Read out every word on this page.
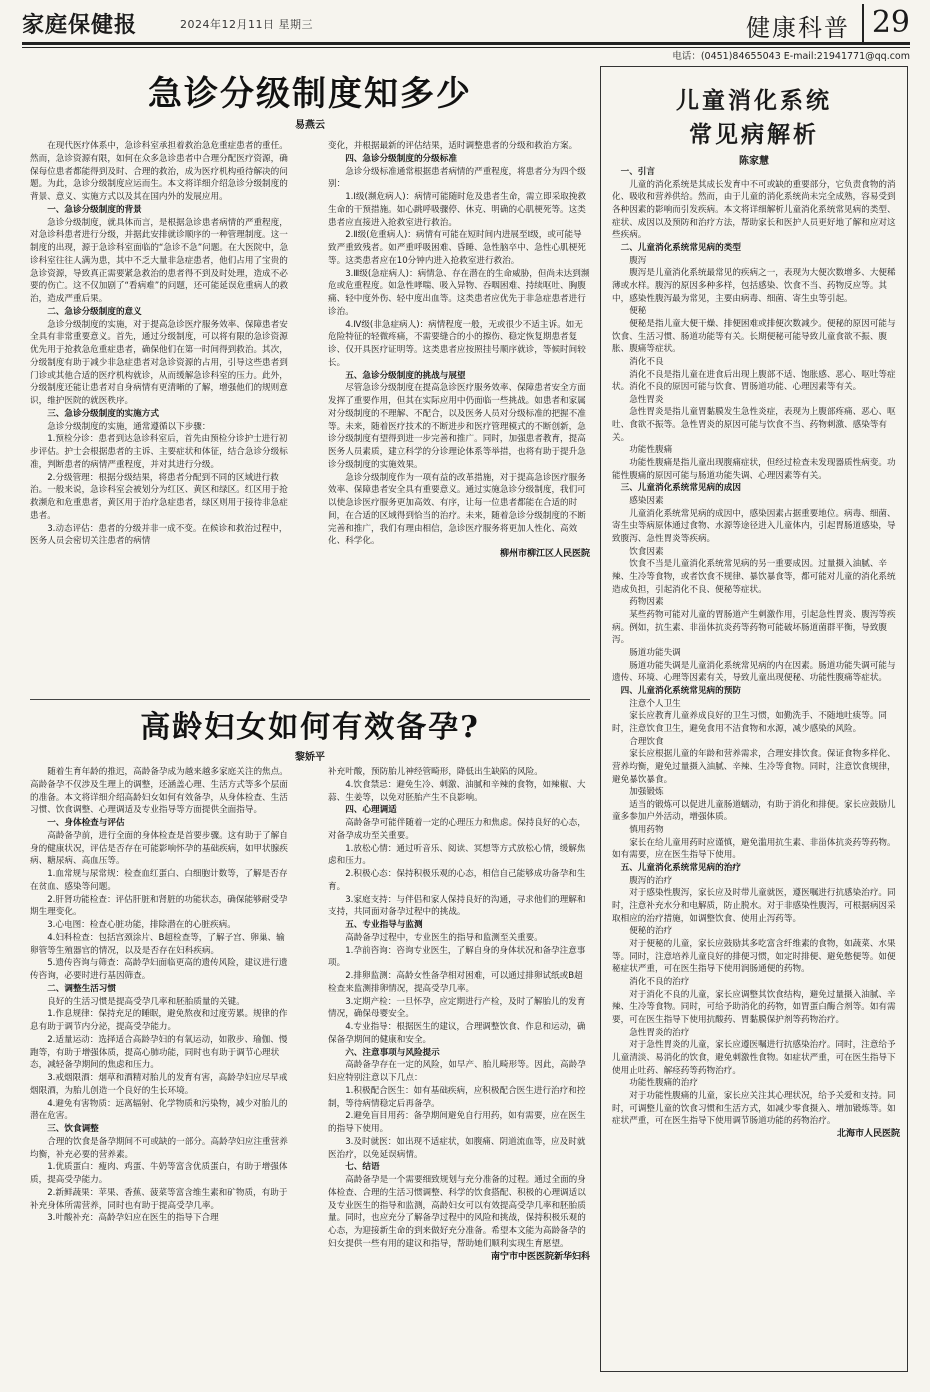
家庭保健报	2024年12月11日 星期三	健康科普 29
电话：(0451)84655043 E-mail:21941771@qq.com
急诊分级制度知多少
易燕云

在现代医疗体系中，急诊科室承担着救治急危重症患者的重任。然而，急诊资源有限，如何在众多急诊患者中合理分配医疗资源，确保每位患者都能得到及时、合理的救治，成为医疗机构亟待解决的问题。为此，急诊分级制度应运而生。本文将详细介绍急诊分级制度的背景、意义、实施方式以及其在国内外的发展应用。

一、急诊分级制度的背景

急诊分级制度，就具体而言，是根据急诊患者病情的严重程度，对急诊科患者进行分级，并据此安排就诊顺序的一种管理制度。这一制度的出现，源于急诊科室面临的“急诊不急”问题。在大医院中，急诊科室往往人满为患，其中不乏大量非急症患者，他们占用了宝贵的急诊资源，导致真正需要紧急救治的患者得不到及时处理，造成不必要的伤亡。这不仅加剧了“看病难”的问题，还可能延误危重病人的救治，造成严重后果。

二、急诊分级制度的意义

急诊分级制度的实施，对于提高急诊医疗服务效率、保障患者安全具有非常重要意义。首先，通过分级制度，可以将有限的急诊资源优先用于抢救急危重症患者，确保他们在第一时间得到救治。其次，分级制度有助于减少非急症患者对急诊资源的占用，引导这些患者到门诊或其他合适的医疗机构就诊，从而缓解急诊科室的压力。此外，分级制度还能让患者对自身病情有更清晰的了解，增强他们的规则意识，维护医院的就医秩序。

三、急诊分级制度的实施方式

急诊分级制度的实施，通常遵循以下步骤：

1.预检分诊：患者到达急诊科室后，首先由预检分诊护士进行初步评估。护士会根据患者的主诉、主要症状和体征，结合急诊分级标准，判断患者的病情严重程度，并对其进行分级。

2.分级管理：根据分级结果，将患者分配到不同的区域进行救治。一般来说，急诊科室会被划分为红区、黄区和绿区。红区用于抢救濒危和危重患者，黄区用于治疗急症患者，绿区则用于接待非急症患者。

3.动态评估：患者的分级并非一成不变。在候诊和救治过程中，医务人员会密切关注患者的病情

变化，并根据最新的评估结果，适时调整患者的分级和救治方案。

四、急诊分级制度的分级标准

急诊分级标准通常根据患者病情的严重程度，将患者分为四个级别：

1.Ⅰ级(濒危病人)：病情可能随时危及患者生命，需立即采取挽救生命的干预措施。如心跳呼吸骤停、休克、明确的心肌梗死等。这类患者应直接进入抢救室进行救治。

2.Ⅱ级(危重病人)：病情有可能在短时间内进展至Ⅰ级，或可能导致严重致残者。如严重呼吸困难、昏睡、急性脑卒中、急性心肌梗死等。这类患者应在10分钟内进入抢救室进行救治。

3.Ⅲ级(急症病人)：病情急、存在潜在的生命威胁，但尚未达到濒危或危重程度。如急性哮喘、吸入异物、吞咽困难、持续呕吐、胸腹痛、轻中度外伤、轻中度出血等。这类患者应优先于非急症患者进行诊治。

4.Ⅳ级(非急症病人)：病情程度一般，无或很少不适主诉。如无危险特征的轻微疼痛，不需要缝合的小的擦伤、稳定恢复期患者复诊、仅开具医疗证明等。这类患者应按照挂号顺序就诊，等候时间较长。

五、急诊分级制度的挑战与展望

尽管急诊分级制度在提高急诊医疗服务效率、保障患者安全方面发挥了重要作用，但其在实际应用中仍面临一些挑战。如患者和家属对分级制度的不理解、不配合，以及医务人员对分级标准的把握不准等。未来，随着医疗技术的不断进步和医疗管理模式的不断创新，急诊分级制度有望得到进一步完善和推广。同时，加强患者教育，提高医务人员素质，建立科学的分诊理论体系等举措，也将有助于提升急诊分级制度的实施效果。

急诊分级制度作为一项有益的改革措施，对于提高急诊医疗服务效率、保障患者安全具有重要意义。通过实施急诊分级制度，我们可以使急诊医疗服务更加高效、有序，让每一位患者都能在合适的时间，在合适的区域得到恰当的治疗。未来，随着急诊分级制度的不断完善和推广，我们有理由相信，急诊医疗服务将更加人性化、高效化、科学化。

柳州市柳江区人民医院
高龄妇女如何有效备孕?
黎娇平

随着生育年龄的推迟，高龄备孕成为越来越多家庭关注的焦点。高龄备孕不仅涉及生理上的调整，还涵盖心理、生活方式等多个层面的准备。本文将详细介绍高龄妇女如何有效备孕，从身体检查、生活习惯、饮食调整、心理调适及专业指导等方面提供全面指导。

一、身体检查与评估

高龄备孕前，进行全面的身体检查是首要步骤。这有助于了解自身的健康状况，评估是否存在可能影响怀孕的基础疾病，如甲状腺疾病、糖尿病、高血压等。

1.血常规与尿常规：检查血红蛋白、白细胞计数等，了解是否存在贫血、感染等问题。

2.肝肾功能检查：评估肝脏和肾脏的功能状态，确保能够耐受孕期生理变化。

3.心电图：检查心脏功能，排除潜在的心脏疾病。

4.妇科检查：包括宫颈涂片、B超检查等，了解子宫、卵巢、输卵管等生殖器官的情况，以及是否存在妇科疾病。

5.遗传咨询与筛查：高龄孕妇面临更高的遗传风险，建议进行遗传咨询，必要时进行基因筛查。

二、调整生活习惯

良好的生活习惯是提高受孕几率和胚胎质量的关键。

1.作息规律：保持充足的睡眠，避免熬夜和过度劳累。规律的作息有助于调节内分泌，提高受孕能力。

2.适量运动：选择适合高龄孕妇的有氧运动，如散步、瑜伽、慢跑等，有助于增强体质，提高心肺功能，同时也有助于调节心理状态，减轻备孕期间的焦虑和压力。

3.戒烟限酒：烟草和酒精对胎儿的发育有害，高龄孕妇应尽早戒烟限酒，为胎儿创造一个良好的生长环境。

4.避免有害物质：远离辐射、化学物质和污染物，减少对胎儿的潜在危害。

三、饮食调整

合理的饮食是备孕期间不可或缺的一部分。高龄孕妇应注重营养均衡，补充必要的营养素。

1.优质蛋白：瘦肉、鸡蛋、牛奶等富含优质蛋白，有助于增强体质，提高受孕能力。

2.新鲜蔬果：苹果、香蕉、菠菜等富含维生素和矿物质，有助于补充身体所需营养，同时也有助于提高受孕几率。

3.叶酸补充：高龄孕妇应在医生的指导下合理

补充叶酸，预防胎儿神经管畸形，降低出生缺陷的风险。

4.饮食禁忌：避免生冷、刺激、油腻和辛辣的食物，如辣椒、大蒜、生姜等，以免对胚胎产生不良影响。

四、心理调适

高龄备孕可能伴随着一定的心理压力和焦虑。保持良好的心态，对备孕成功至关重要。

1.放松心情：通过听音乐、阅读、冥想等方式放松心情，缓解焦虑和压力。

2.积极心态：保持积极乐观的心态，相信自己能够成功备孕和生育。

3.家庭支持：与伴侣和家人保持良好的沟通，寻求他们的理解和支持，共同面对备孕过程中的挑战。

五、专业指导与监测

高龄备孕过程中，专业医生的指导和监测至关重要。

1.孕前咨询：咨询专业医生，了解自身的身体状况和备孕注意事项。

2.排卵监测：高龄女性备孕相对困难，可以通过排卵试纸或B超检查来监测排卵情况，提高受孕几率。

3.定期产检：一旦怀孕，应定期进行产检，及时了解胎儿的发育情况，确保母婴安全。

4.专业指导：根据医生的建议，合理调整饮食、作息和运动，确保备孕期间的健康和安全。

六、注意事项与风险提示

高龄备孕存在一定的风险，如早产、胎儿畸形等。因此，高龄孕妇应特别注意以下几点：

1.积极配合医生：如有基础疾病，应积极配合医生进行治疗和控制，等待病情稳定后再备孕。

2.避免盲目用药：备孕期间避免自行用药，如有需要，应在医生的指导下使用。

3.及时就医：如出现不适症状，如腹痛、阴道流血等，应及时就医治疗，以免延误病情。

七、结语

高龄备孕是一个需要细致规划与充分准备的过程。通过全面的身体检查、合理的生活习惯调整、科学的饮食搭配、积极的心理调适以及专业医生的指导和监测，高龄妇女可以有效提高受孕几率和胚胎质量。同时，也应充分了解备孕过程中的风险和挑战，保持积极乐观的心态，为迎接新生命的到来做好充分准备。希望本文能为高龄备孕的妇女提供一些有用的建议和指导，帮助她们顺利实现生育愿望。

南宁市中医医院新华妇科
儿童消化系统
常见病解析
陈家慧
一、引言

儿童的消化系统是其成长发育中不可或缺的重要部分，它负责食物的消化、吸收和营养供给。然而，由于儿童的消化系统尚未完全成熟，容易受到各种因素的影响而引发疾病。本文将详细解析儿童消化系统常见病的类型、症状、成因以及预防和治疗方法，帮助家长和医护人员更好地了解和应对这些疾病。

二、儿童消化系统常见病的类型
腹泻

腹泻是儿童消化系统最常见的疾病之一，表现为大便次数增多、大便稀薄或水样。腹泻的原因多种多样，包括感染、饮食不当、药物反应等。其中，感染性腹泻最为常见，主要由病毒、细菌、寄生虫等引起。

便秘

便秘是指儿童大便干燥、排便困难或排便次数减少。便秘的原因可能与饮食、生活习惯、肠道功能等有关。长期便秘可能导致儿童食欲不振、腹胀、腹痛等症状。

消化不良

消化不良是指儿童在进食后出现上腹部不适、饱胀感、恶心、呕吐等症状。消化不良的原因可能与饮食、胃肠道功能、心理因素等有关。

急性胃炎

急性胃炎是指儿童胃黏膜发生急性炎症，表现为上腹部疼痛、恶心、呕吐、食欲不振等。急性胃炎的原因可能与饮食不当、药物刺激、感染等有关。

功能性腹痛

功能性腹痛是指儿童出现腹痛症状，但经过检查未发现器质性病变。功能性腹痛的原因可能与肠道功能失调、心理因素等有关。

三、儿童消化系统常见病的成因
感染因素

儿童消化系统常见病的成因中，感染因素占据重要地位。病毒、细菌、寄生虫等病原体通过食物、水源等途径进入儿童体内，引起胃肠道感染，导致腹泻、急性胃炎等疾病。

饮食因素

饮食不当是儿童消化系统常见病的另一重要成因。过量摄入油腻、辛辣、生冷等食物，或者饮食不规律、暴饮暴食等，都可能对儿童的消化系统造成负担，引起消化不良、便秘等症状。

药物因素

某些药物可能对儿童的胃肠道产生刺激作用，引起急性胃炎、腹泻等疾病。例如，抗生素、非甾体抗炎药等药物可能破坏肠道菌群平衡，导致腹泻。

肠道功能失调

肠道功能失调是儿童消化系统常见病的内在因素。肠道功能失调可能与遗传、环境、心理等因素有关，导致儿童出现便秘、功能性腹痛等症状。

四、儿童消化系统常见病的预防
注意个人卫生

家长应教育儿童养成良好的卫生习惯，如勤洗手、不随地吐痰等。同时，注意饮食卫生，避免食用不洁食物和水源，减少感染的风险。

合理饮食

家长应根据儿童的年龄和营养需求，合理安排饮食。保证食物多样化、营养均衡，避免过量摄入油腻、辛辣、生冷等食物。同时，注意饮食规律，避免暴饮暴食。

加强锻炼

适当的锻炼可以促进儿童肠道蠕动，有助于消化和排便。家长应鼓励儿童多参加户外活动，增强体质。

慎用药物

家长在给儿童用药时应谨慎，避免滥用抗生素、非甾体抗炎药等药物。如有需要，应在医生指导下使用。

五、儿童消化系统常见病的治疗
腹泻的治疗

对于感染性腹泻，家长应及时带儿童就医，遵医嘱进行抗感染治疗。同时，注意补充水分和电解质，防止脱水。对于非感染性腹泻，可根据病因采取相应的治疗措施，如调整饮食、使用止泻药等。

便秘的治疗

对于便秘的儿童，家长应鼓励其多吃富含纤维素的食物，如蔬菜、水果等。同时，注意培养儿童良好的排便习惯，如定时排便、避免憋便等。如便秘症状严重，可在医生指导下使用润肠通便的药物。

消化不良的治疗

对于消化不良的儿童，家长应调整其饮食结构，避免过量摄入油腻、辛辣、生冷等食物。同时，可给予助消化的药物，如胃蛋白酶合剂等。如有需要，可在医生指导下使用抗酸药、胃黏膜保护剂等药物治疗。

急性胃炎的治疗

对于急性胃炎的儿童，家长应遵医嘱进行抗感染治疗。同时，注意给予儿童清淡、易消化的饮食，避免刺激性食物。如症状严重，可在医生指导下使用止吐药、解痉药等药物治疗。

功能性腹痛的治疗

对于功能性腹痛的儿童，家长应关注其心理状况，给予关爱和支持。同时，可调整儿童的饮食习惯和生活方式，如减少零食摄入、增加锻炼等。如症状严重，可在医生指导下使用调节肠道功能的药物治疗。

北海市人民医院
